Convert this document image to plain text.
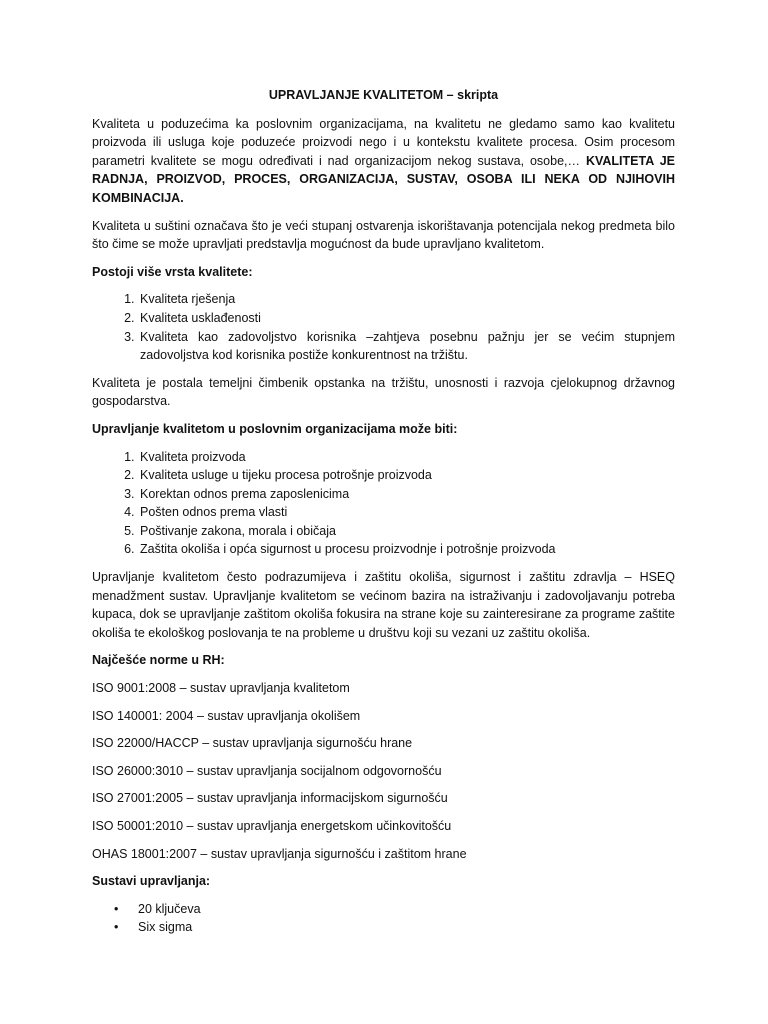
UPRAVLJANJE KVALITETOM – skripta

Kvaliteta u poduzećima ka poslovnim organizacijama, na kvalitetu ne gledamo samo kao kvalitetu proizvoda ili usluga koje poduzeće proizvodi nego i u kontekstu kvalitete procesa. Osim procesom parametri kvalitete se mogu određivati i nad organizacijom nekog sustava, osobe,… KVALITETA JE RADNJA, PROIZVOD, PROCES, ORGANIZACIJA, SUSTAV, OSOBA ILI NEKA OD NJIHOVIH KOMBINACIJA.

Kvaliteta u suštini označava što je veći stupanj ostvarenja iskorištavanja potencijala nekog predmeta bilo što čime se može upravljati predstavlja mogućnost da bude upravljano kvalitetom.

Postoji više vrsta kvalitete:

1. Kvaliteta rješenja
2. Kvaliteta usklađenosti
3. Kvaliteta kao zadovoljstvo korisnika –zahtjeva posebnu pažnju jer se većim stupnjem zadovoljstva kod korisnika postiže konkurentnost na tržištu.

Kvaliteta je postala temeljni čimbenik opstanka na tržištu, unosnosti i razvoja cjelokupnog državnog gospodarstva.

Upravljanje kvalitetom u poslovnim organizacijama može biti:

1. Kvaliteta proizvoda
2. Kvaliteta usluge u tijeku procesa potrošnje proizvoda
3. Korektan odnos prema zaposlenicima
4. Pošten odnos prema vlasti
5. Poštivanje zakona, morala i običaja
6. Zaštita okoliša i opća sigurnost u procesu proizvodnje i potrošnje proizvoda

Upravljanje kvalitetom često podrazumijeva i zaštitu okoliša, sigurnost i zaštitu zdravlja – HSEQ menadžment sustav. Upravljanje kvalitetom se većinom bazira na istraživanju i zadovoljavanju potreba kupaca, dok se upravljanje zaštitom okoliša fokusira na strane koje su zainteresirane za programe zaštite okoliša te ekološkog poslovanja te na probleme u društvu koji su vezani uz zaštitu okoliša.

Najčešće norme u RH:

ISO 9001:2008 – sustav upravljanja kvalitetom

ISO 140001: 2004 – sustav upravljanja okolišem

ISO 22000/HACCP – sustav upravljanja sigurnošću hrane

ISO 26000:3010 – sustav upravljanja socijalnom odgovornošću

ISO 27001:2005 – sustav upravljanja informacijskom sigurnošću

ISO 50001:2010 – sustav upravljanja energetskom učinkovitošću

OHAS 18001:2007 – sustav upravljanja sigurnošću i zaštitom hrane

Sustavi upravljanja:

• 20 ključeva
• Six sigma
